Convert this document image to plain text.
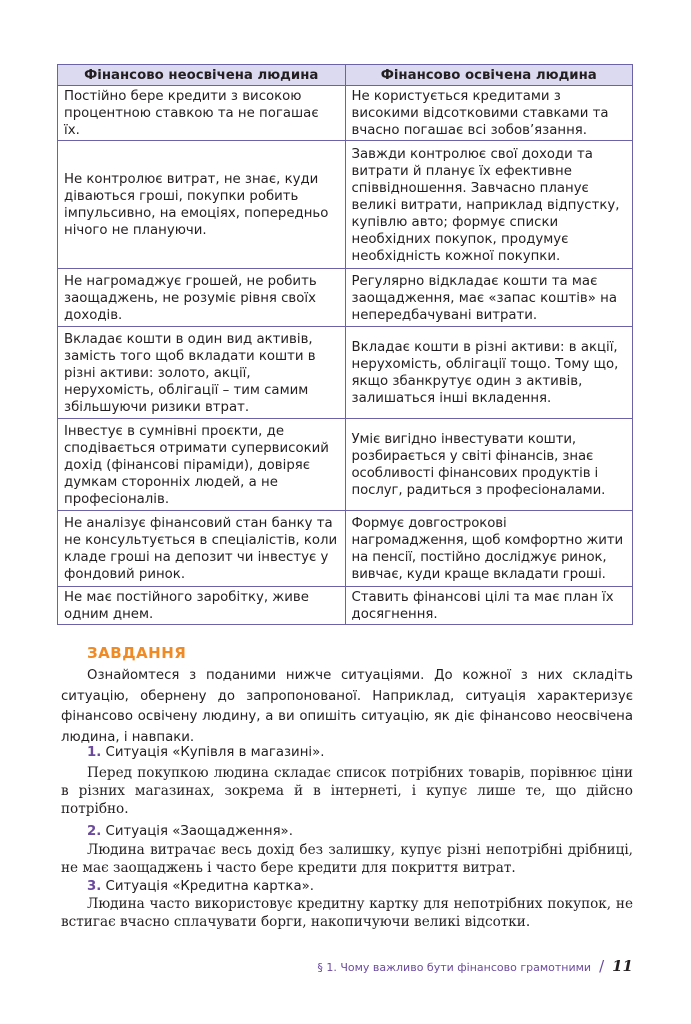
Фінансово неосвічена людина	Фінансово освічена людина
Постійно бере кредити з високою процентною ставкою та не погашає їх.	Не користується кредитами з високими відсотковими ставками та вчасно погашає всі зобов’язання.
Не контролює витрат, не знає, куди діваються гроші, покупки робить імпульсивно, на емоціях, попередньо нічого не плануючи.	Завжди контролює свої доходи та витрати й планує їх ефективне співвідношення. Завчасно планує великі витрати, наприклад відпустку, купівлю авто; формує списки необхідних покупок, продумує необхідність кожної покупки.
Не нагромаджує грошей, не робить заощаджень, не розуміє рівня своїх доходів.	Регулярно відкладає кошти та має заощадження, має «запас коштів» на непередбачувані витрати.
Вкладає кошти в один вид активів, замість того щоб вкладати кошти в різні активи: золото, акції, нерухомість, облігації – тим самим збільшуючи ризики втрат.	Вкладає кошти в різні активи: в акції, нерухомість, облігації тощо. Тому що, якщо збанкрутує один з активів, залишаться інші вкладення.
Інвестує в сумнівні проєкти, де сподівається отримати супервисокий дохід (фінансові піраміди), довіряє думкам сторонніх людей, а не професіоналів.	Уміє вигідно інвестувати кошти, розбирається у світі фінансів, знає особливості фінансових продуктів і послуг, радиться з професіоналами.
Не аналізує фінансовий стан банку та не консультується в спеціалістів, коли кладе гроші на депозит чи інвестує у фондовий ринок.	Формує довгострокові нагромадження, щоб комфортно жити на пенсії, постійно досліджує ринок, вивчає, куди краще вкладати гроші.
Не має постійного заробітку, живе одним днем.	Ставить фінансові цілі та має план їх досягнення.
ЗАВДАННЯ

Ознайомтеся з поданими нижче ситуаціями. До кожної з них складіть ситуацію, обернену до запропонованої. Наприклад, ситуація характеризує фінансово освічену людину, а ви опишіть ситуацію, як діє фінансово неосвічена людина, і навпаки.

1. Ситуація «Купівля в магазині».

Перед покупкою людина складає список потрібних товарів, порівнює ціни в різних магазинах, зокрема й в інтернеті, і купує лише те, що дійсно потрібно.

2. Ситуація «Заощадження».

Людина витрачає весь дохід без залишку, купує різні непотрібні дрібниці, не має заощаджень і часто бере кредити для покриття витрат.

3. Ситуація «Кредитна картка».

Людина часто використовує кредитну картку для непотрібних покупок, не встигає вчасно сплачувати борги, накопичуючи великі відсотки.

§ 1. Чому важливо бути фінансово грамотними / 11
